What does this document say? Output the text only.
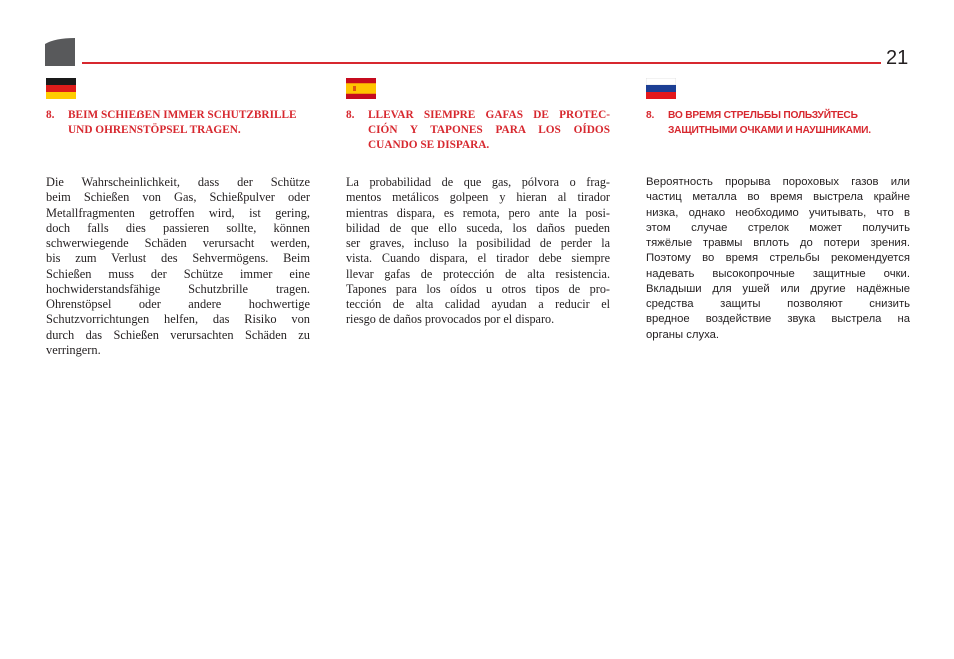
21
8.	BEIM SCHIEẞEN IMMER SCHUTZBRILLE
UND OHRENSTÖPSEL TRAGEN.
Die Wahrscheinlichkeit, dass der Schütze
beim Schießen von Gas, Schießpulver oder
Metallfragmenten getroffen wird, ist gering,
doch falls dies passieren sollte, können
schwerwiegende Schäden verursacht werden,
bis zum Verlust des Sehvermögens. Beim
Schießen muss der Schütze immer eine
hochwiderstandsfähige Schutzbrille tragen.
Ohrenstöpsel oder andere hochwertige
Schutzvorrichtungen helfen, das Risiko von
durch das Schießen verursachten Schäden zu
verringern.
8.	LLEVAR SIEMPRE GAFAS DE PROTEC-
CIÓN Y TAPONES PARA LOS OÍDOS
CUANDO SE DISPARA.
La probabilidad de que gas, pólvora o frag-
mentos metálicos golpeen y hieran al tirador
mientras dispara, es remota, pero ante la posi-
bilidad de que ello suceda, los daños pueden
ser graves, incluso la posibilidad de perder la
vista. Cuando dispara, el tirador debe siempre
llevar gafas de protección de alta resistencia.
Tapones para los oídos u otros tipos de pro-
tección de alta calidad ayudan a reducir el
riesgo de daños provocados por el disparo.
8.	ВО ВРЕМЯ СТРЕЛЬБЫ ПОЛЬЗУЙТЕСЬ
ЗАЩИТНЫМИ ОЧКАМИ И НАУШНИКАМИ.
Вероятность прорыва пороховых газов или
частиц металла во время выстрела крайне
низка, однако необходимо учитывать, что в
этом случае стрелок может получить
тяжёлые травмы вплоть до потери зрения.
Поэтому во время стрельбы рекомендуется
надевать высокопрочные защитные очки.
Вкладыши для ушей или другие надёжные
средства защиты позволяют снизить
вредное воздействие звука выстрела на
органы слуха.
